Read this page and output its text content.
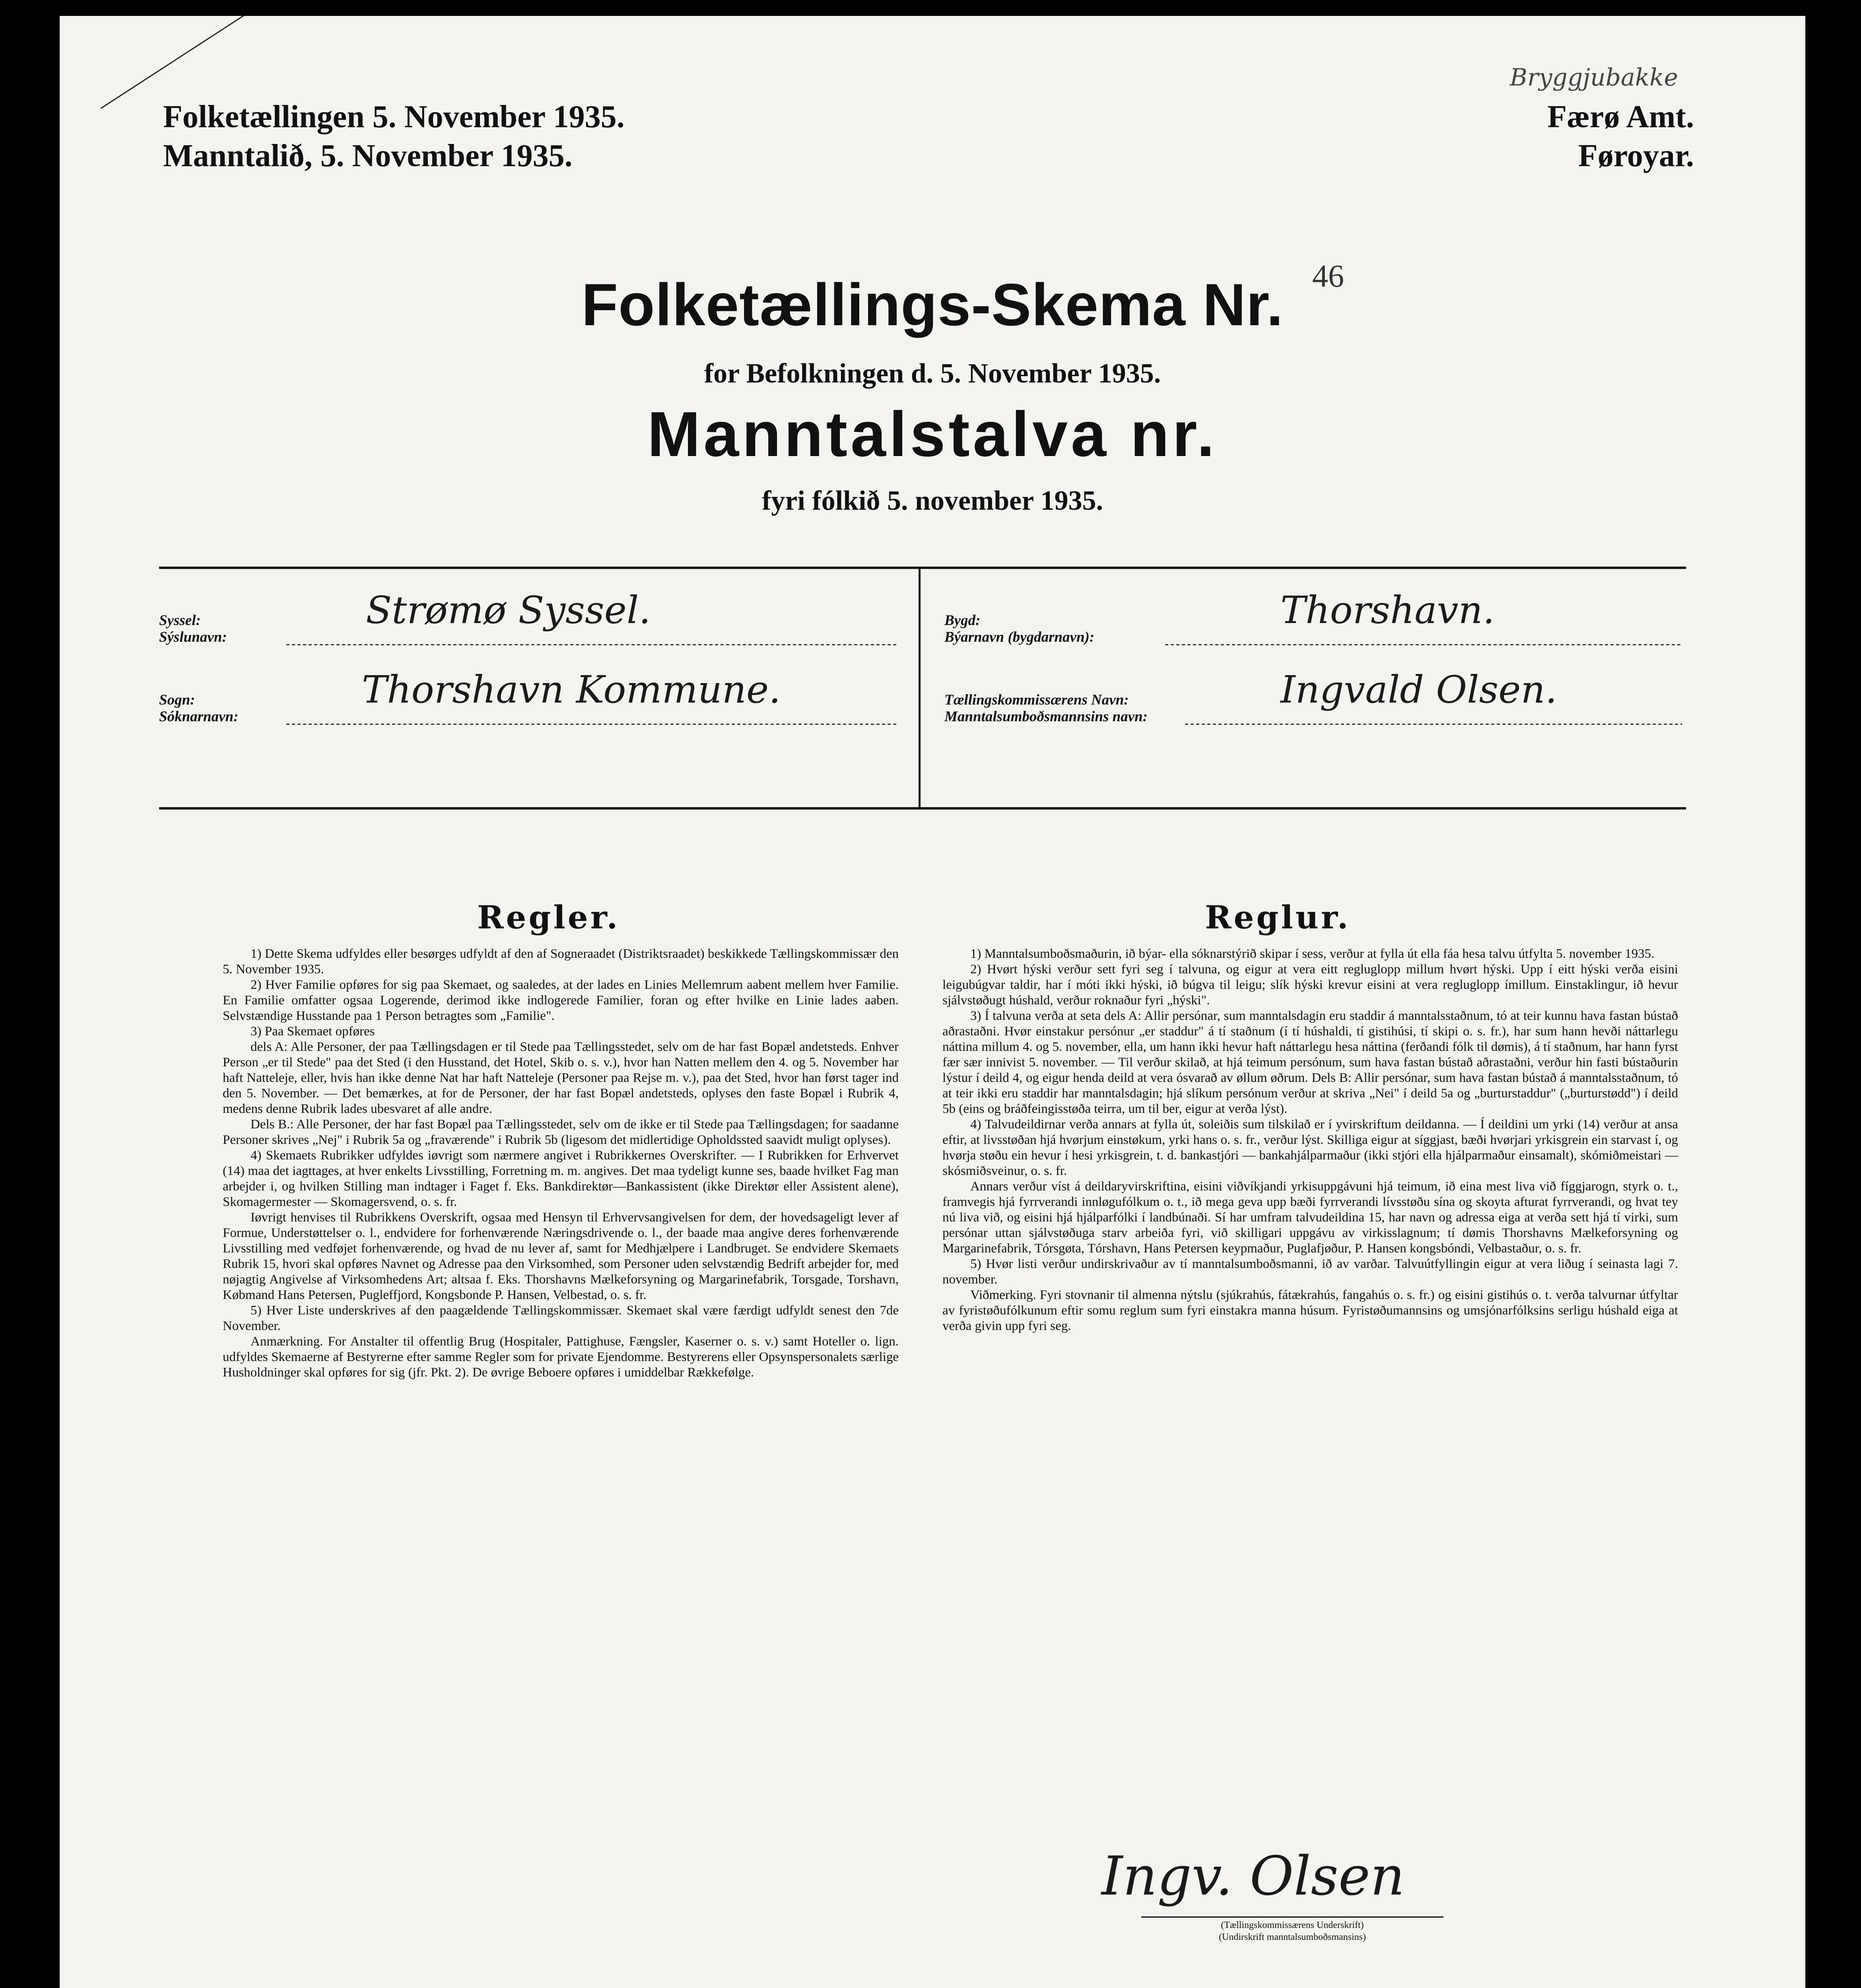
Folketællingen 5. November 1935.
Manntalið, 5. November 1935.
Færø Amt.
Føroyar.
Bryggjubakke
Folketællings-Skema Nr. 46
for Befolkningen d. 5. November 1935.
Manntalstalva nr.
fyri fólkið 5. november 1935.
Syssel:
Sýslunavn:
Strømø Syssel.
Sogn:
Sóknarnavn:
Thorshavn Kommune.
Bygd:
Býarnavn (bygdarnavn):
Thorshavn.
Tællingskommissærens Navn:
Manntalsumboðsmannsins navn:
Ingvald Olsen.
Regler.

1) Dette Skema udfyldes eller besørges udfyldt af den af Sogneraadet (Distriktsraadet) beskikkede Tællingskommissær den 5. November 1935.

2) Hver Familie opføres for sig paa Skemaet, og saaledes, at der lades en Linies Mellemrum aabent mellem hver Familie. En Familie omfatter ogsaa Logerende, derimod ikke indlogerede Familier, foran og efter hvilke en Linie lades aaben. Selvstændige Husstande paa 1 Person betragtes som „Familie".

3) Paa Skemaet opføres

dels A: Alle Personer, der paa Tællingsdagen er til Stede paa Tællingsstedet, selv om de har fast Bopæl andetsteds. Enhver Person „er til Stede" paa det Sted (i den Husstand, det Hotel, Skib o. s. v.), hvor han Natten mellem den 4. og 5. November har haft Natteleje, eller, hvis han ikke denne Nat har haft Natteleje (Personer paa Rejse m. v.), paa det Sted, hvor han først tager ind den 5. November. — Det bemærkes, at for de Personer, der har fast Bopæl andetsteds, oplyses den faste Bopæl i Rubrik 4, medens denne Rubrik lades ubesvaret af alle andre.

Dels B.: Alle Personer, der har fast Bopæl paa Tællingsstedet, selv om de ikke er til Stede paa Tællingsdagen; for saadanne Personer skrives „Nej" i Rubrik 5a og „fraværende" i Rubrik 5b (ligesom det midlertidige Opholdssted saavidt muligt oplyses).

4) Skemaets Rubrikker udfyldes iøvrigt som nærmere angivet i Rubrikkernes Overskrifter. — I Rubrikken for Erhvervet (14) maa det iagttages, at hver enkelts Livsstilling, Forretning m. m. angives. Det maa tydeligt kunne ses, baade hvilket Fag man arbejder i, og hvilken Stilling man indtager i Faget f. Eks. Bankdirektør—Bankassistent (ikke Direktør eller Assistent alene), Skomagermester — Skomagersvend, o. s. fr.

Iøvrigt henvises til Rubrikkens Overskrift, ogsaa med Hensyn til Erhvervsangivelsen for dem, der hovedsageligt lever af Formue, Understøttelser o. l., endvidere for forhenværende Næringsdrivende o. l., der baade maa angive deres forhenværende Livsstilling med vedføjet forhenværende, og hvad de nu lever af, samt for Medhjælpere i Landbruget. Se endvidere Skemaets Rubrik 15, hvori skal opføres Navnet og Adresse paa den Virksomhed, som Personer uden selvstændig Bedrift arbejder for, med nøjagtig Angivelse af Virksomhedens Art; altsaa f. Eks. Thorshavns Mælkeforsyning og Margarinefabrik, Torsgade, Torshavn, Købmand Hans Petersen, Pugleffjord, Kongsbonde P. Hansen, Velbestad, o. s. fr.

5) Hver Liste underskrives af den paagældende Tællingskommissær. Skemaet skal være færdigt udfyldt senest den 7de November.

Anmærkning. For Anstalter til offentlig Brug (Hospitaler, Pattighuse, Fængsler, Kaserner o. s. v.) samt Hoteller o. lign. udfyldes Skemaerne af Bestyrerne efter samme Regler som for private Ejendomme. Bestyrerens eller Opsynspersonalets særlige Husholdninger skal opføres for sig (jfr. Pkt. 2). De øvrige Beboere opføres i umiddelbar Rækkefølge.

Reglur.

1) Manntalsumboðsmaðurin, ið býar- ella sóknarstýrið skipar í sess, verður at fylla út ella fáa hesa talvu útfylta 5. november 1935.

2) Hvørt hýski verður sett fyri seg í talvuna, og eigur at vera eitt regluglopp millum hvørt hýski. Upp í eitt hýski verða eisini leigubúgvar taldir, har í móti ikki hýski, ið búgva til leigu; slík hýski krevur eisini at vera regluglopp ímillum. Einstaklingur, ið hevur sjálvstøðugt húshald, verður roknaður fyri „hýski".

3) Í talvuna verða at seta dels A: Allir persónar, sum manntalsdagin eru staddir á manntalsstaðnum, tó at teir kunnu hava fastan bústað aðrastaðni. Hvør einstakur persónur „er staddur" á tí staðnum (í tí húshaldi, tí gistihúsi, tí skipi o. s. fr.), har sum hann hevði náttarlegu náttina millum 4. og 5. november, ella, um hann ikki hevur haft náttarlegu hesa náttina (ferðandi fólk til dømis), á tí staðnum, har hann fyrst fær sær innivist 5. november. — Til verður skilað, at hjá teimum persónum, sum hava fastan bústað aðrastaðni, verður hin fasti bústaðurin lýstur í deild 4, og eigur henda deild at vera ósvarað av øllum øðrum. Dels B: Allir persónar, sum hava fastan bústað á manntalsstaðnum, tó at teir ikki eru staddir har manntalsdagin; hjá slíkum persónum verður at skriva „Nei" í deild 5a og „burturstaddur" („burturstødd") í deild 5b (eins og bráðfeingisstøða teirra, um til ber, eigur at verða lýst).

4) Talvudeildirnar verða annars at fylla út, soleiðis sum tilskilað er í yvirskriftum deildanna. — Í deildini um yrki (14) verður at ansa eftir, at livsstøðan hjá hvørjum einstøkum, yrki hans o. s. fr., verður lýst. Skilliga eigur at síggjast, bæði hvørjari yrkisgrein ein starvast í, og hvørja støðu ein hevur í hesi yrkisgrein, t. d. bankastjóri — bankahjálparmaður (ikki stjóri ella hjálparmaður einsamalt), skómiðmeistari — skósmiðsveinur, o. s. fr.

Annars verður víst á deildaryvirskriftina, eisini viðvíkjandi yrkisuppgávuni hjá teimum, ið eina mest liva við fíggjarogn, styrk o. t., framvegis hjá fyrrverandi innløgufólkum o. t., ið mega geva upp bæði fyrrverandi lívsstøðu sína og skoyta afturat fyrrverandi, og hvat tey nú liva við, og eisini hjá hjálparfólki í landbúnaði. Sí har umfram talvudeildina 15, har navn og adressa eiga at verða sett hjá tí virki, sum persónar uttan sjálvstøðuga starv arbeiða fyri, við skilligari uppgávu av virkisslagnum; tí dømis Thorshavns Mælkeforsyning og Margarinefabrik, Tórsgøta, Tórshavn, Hans Petersen keypmaður, Puglafjøður, P. Hansen kongsbóndi, Velbastaður, o. s. fr.

5) Hvør listi verður undirskrivaður av tí manntalsumboðsmanni, ið av varðar. Talvuútfyllingin eigur at vera liðug í seinasta lagi 7. november.

Viðmerking. Fyri stovnanir til almenna nýtslu (sjúkrahús, fátækrahús, fangahús o. s. fr.) og eisini gistihús o. t. verða talvurnar útfyltar av fyristøðufólkunum eftir somu reglum sum fyri einstakra manna húsum. Fyristøðumannsins og umsjónarfólksins serligu húshald eiga at verða givin upp fyri seg.

Ingv. Olsen
(Tællingskommissærens Underskrift)
(Undirskrift manntalsumboðsmansins)
